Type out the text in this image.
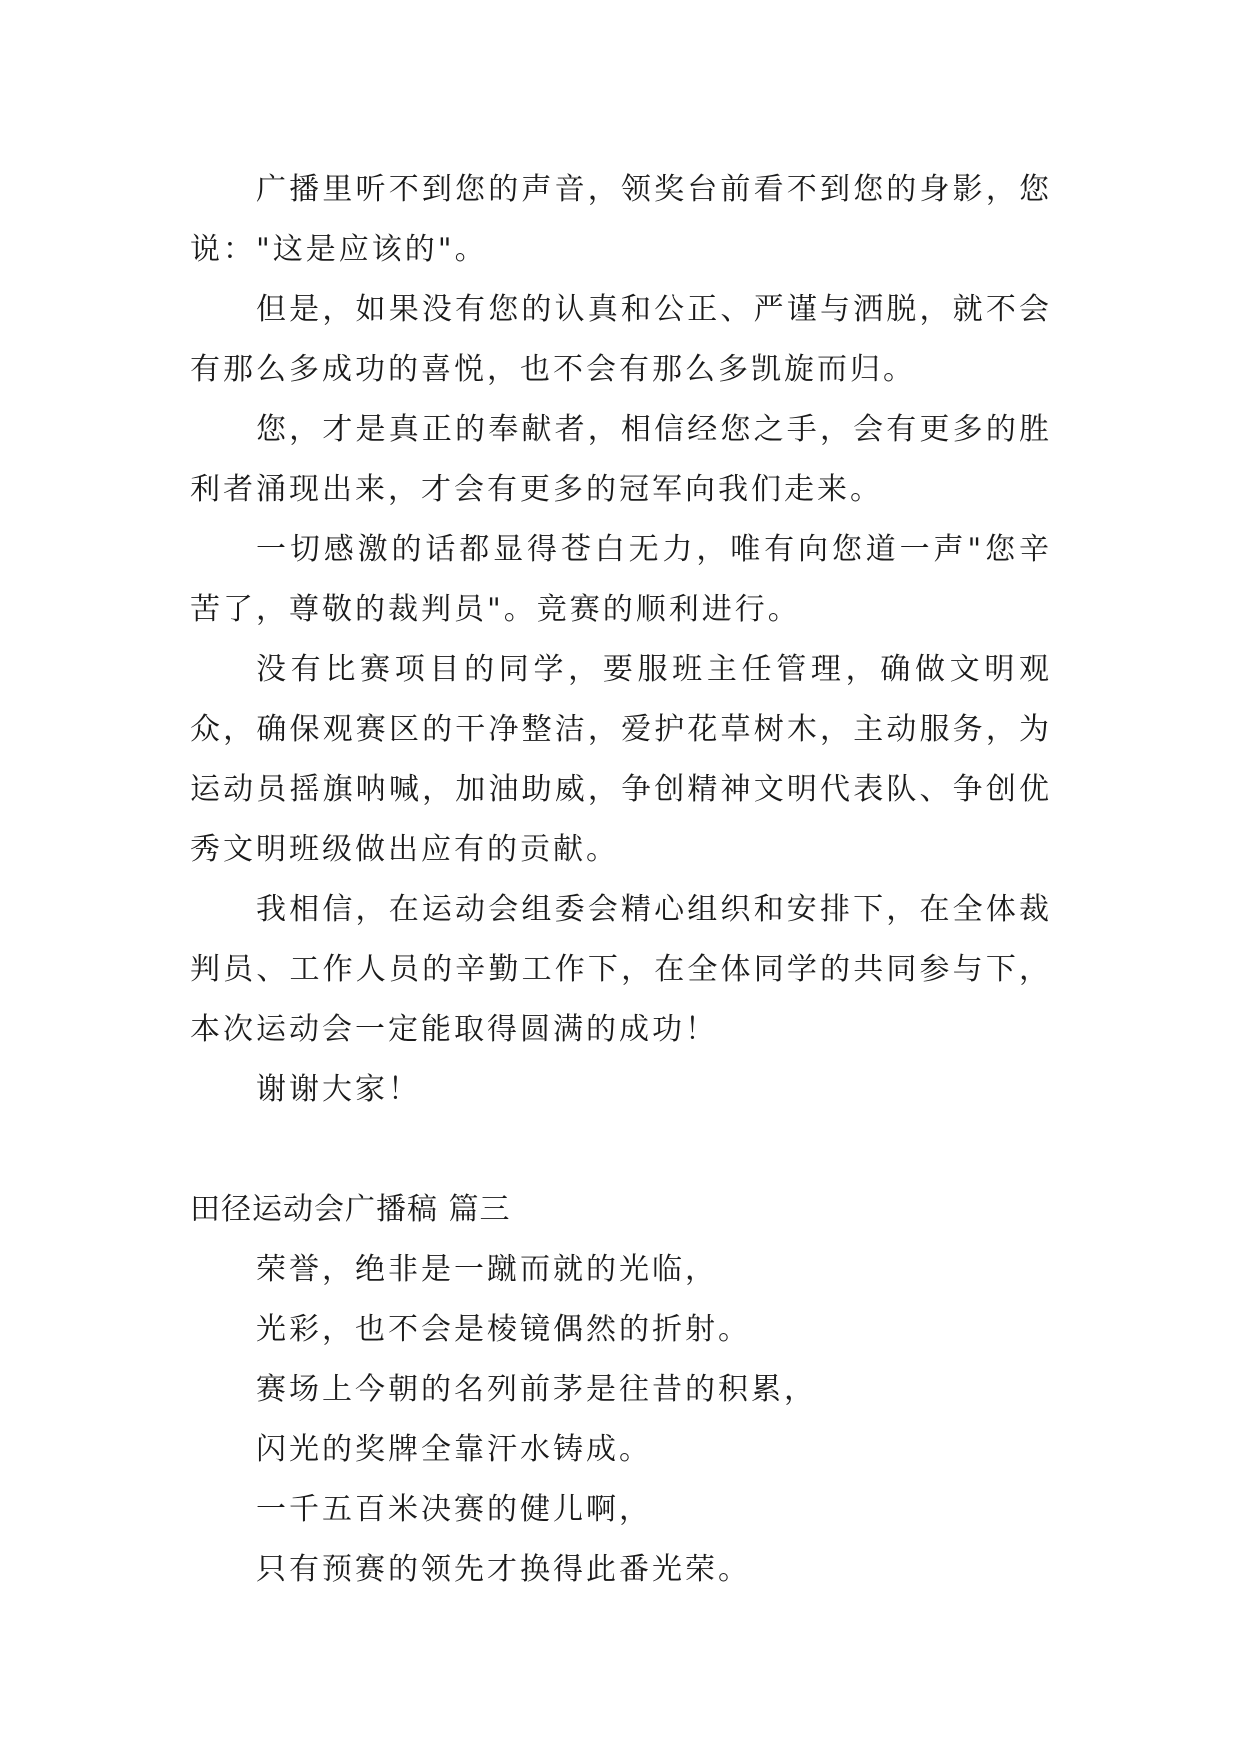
广播里听不到您的声音，领奖台前看不到您的身影，您说："这是应该的"。

但是，如果没有您的认真和公正、严谨与洒脱，就不会有那么多成功的喜悦，也不会有那么多凯旋而归。

您，才是真正的奉献者，相信经您之手，会有更多的胜利者涌现出来，才会有更多的冠军向我们走来。

一切感激的话都显得苍白无力，唯有向您道一声"您辛苦了，尊敬的裁判员"。竞赛的顺利进行。

没有比赛项目的同学，要服班主任管理，确做文明观众，确保观赛区的干净整洁，爱护花草树木，主动服务，为运动员摇旗呐喊，加油助威，争创精神文明代表队、争创优秀文明班级做出应有的贡献。

我相信，在运动会组委会精心组织和安排下，在全体裁判员、工作人员的辛勤工作下，在全体同学的共同参与下，本次运动会一定能取得圆满的成功！

谢谢大家！

田径运动会广播稿 篇三

荣誉，绝非是一蹴而就的光临，

光彩，也不会是棱镜偶然的折射。

赛场上今朝的名列前茅是往昔的积累，

闪光的奖牌全靠汗水铸成。

一千五百米决赛的健儿啊，

只有预赛的领先才换得此番光荣。
